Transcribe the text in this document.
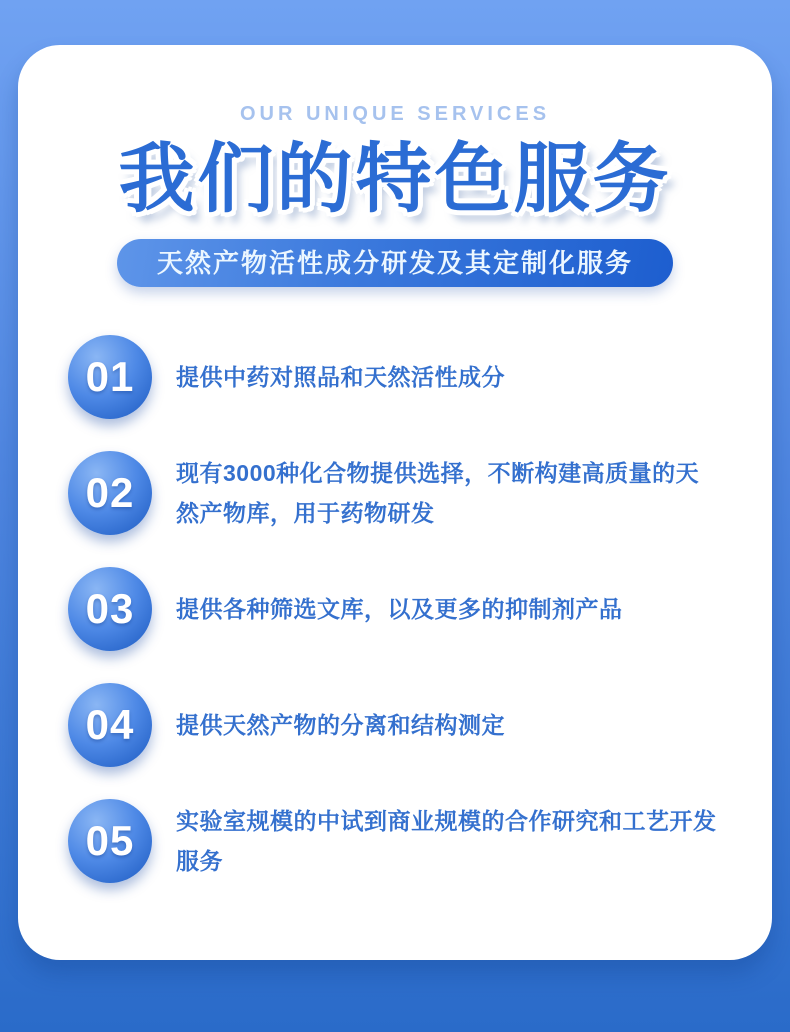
OUR UNIQUE SERVICES
我们的特色服务
天然产物活性成分研发及其定制化服务
01 提供中药对照品和天然活性成分
02 现有3000种化合物提供选择，不断构建高质量的天然产物库，用于药物研发
03 提供各种筛选文库，以及更多的抑制剂产品
04 提供天然产物的分离和结构测定
05 实验室规模的中试到商业规模的合作研究和工艺开发服务
